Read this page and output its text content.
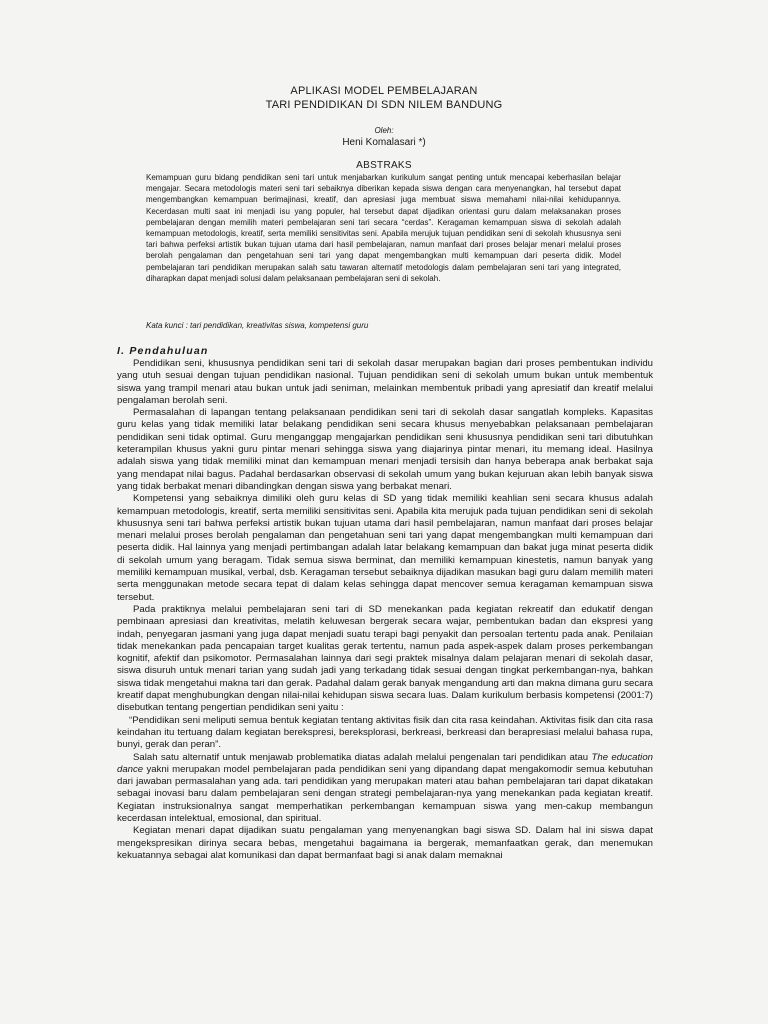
APLIKASI MODEL PEMBELAJARAN
TARI PENDIDIKAN DI SDN NILEM BANDUNG
Oleh:
Heni Komalasari *)
ABSTRAKS

Kemampuan guru bidang pendidikan seni tari untuk menjabarkan kurikulum sangat penting untuk mencapai keberhasilan belajar mengajar. Secara metodologis materi seni tari sebaiknya diberikan kepada siswa dengan cara menyenangkan, hal tersebut dapat mengembangkan kemampuan berimajinasi, kreatif, dan apresiasi juga membuat siswa memahami nilai-nilai kehidupannya. Kecerdasan multi saat ini menjadi isu yang populer, hal tersebut dapat dijadikan orientasi guru dalam melaksanakan proses pembelajaran dengan memilih materi pembelajaran seni tari secara “cerdas”. Keragaman kemampuan siswa di sekolah adalah kemampuan metodologis, kreatif, serta memiliki sensitivitas seni. Apabila merujuk tujuan pendidikan seni di sekolah khususnya seni tari bahwa perfeksi artistik bukan tujuan utama dari hasil pembelajaran, namun manfaat dari proses belajar menari melalui proses berolah pengalaman dan pengetahuan seni tari yang dapat mengembangkan multi kemampuan dari peserta didik. Model pembelajaran tari pendidikan merupakan salah satu tawaran alternatif metodologis dalam pembelajaran seni tari yang integrated, diharapkan dapat menjadi solusi dalam pelaksanaan pembelajaran seni di sekolah.

Kata kunci : tari pendidikan, kreativitas siswa, kompetensi guru

I. Pendahuluan

Pendidikan seni, khususnya pendidikan seni tari di sekolah dasar merupakan bagian dari proses pembentukan individu yang utuh sesuai dengan tujuan pendidikan nasional. Tujuan pendidikan seni di sekolah umum bukan untuk membentuk siswa yang trampil menari atau bukan untuk jadi seniman, melainkan membentuk pribadi yang apresiatif dan kreatif melalui pengalaman berolah seni.

Permasalahan di lapangan tentang pelaksanaan pendidikan seni tari di sekolah dasar sangatlah kompleks. Kapasitas guru kelas yang tidak memiliki latar belakang pendidikan seni secara khusus menyebabkan pelaksanaan pembelajaran pendidikan seni tidak optimal. Guru menganggap mengajarkan pendidikan seni khususnya pendidikan seni tari dibutuhkan keterampilan khusus yakni guru pintar menari sehingga siswa yang diajarinya pintar menari, itu memang ideal. Hasilnya adalah siswa yang tidak memiliki minat dan kemampuan menari menjadi tersisih dan hanya beberapa anak berbakat saja yang mendapat nilai bagus. Padahal berdasarkan observasi di sekolah umum yang bukan kejuruan akan lebih banyak siswa yang tidak berbakat menari dibandingkan dengan siswa yang berbakat menari.

Kompetensi yang sebaiknya dimiliki oleh guru kelas di SD yang tidak memiliki keahlian seni secara khusus adalah kemampuan metodologis, kreatif, serta memiliki sensitivitas seni. Apabila kita merujuk pada tujuan pendidikan seni di sekolah khususnya seni tari bahwa perfeksi artistik bukan tujuan utama dari hasil pembelajaran, namun manfaat dari proses belajar menari melalui proses berolah pengalaman dan pengetahuan seni tari yang dapat mengembangkan multi kemampuan dari peserta didik. Hal lainnya yang menjadi pertimbangan adalah latar belakang kemampuan dan bakat juga minat peserta didik di sekolah umum yang beragam. Tidak semua siswa berminat, dan memiliki kemampuan kinestetis, namun banyak yang memiliki kemampuan musikal, verbal, dsb. Keragaman tersebut sebaiknya dijadikan masukan bagi guru dalam memilih materi serta menggunakan metode secara tepat di dalam kelas sehingga dapat mencover semua keragaman kemampuan siswa tersebut.

Pada praktiknya melalui pembelajaran seni tari di SD menekankan pada kegiatan rekreatif dan edukatif dengan pembinaan apresiasi dan kreativitas, melatih keluwesan bergerak secara wajar, pembentukan badan dan ekspresi yang indah, penyegaran jasmani yang juga dapat menjadi suatu terapi bagi penyakit dan persoalan tertentu pada anak. Penilaian tidak menekankan pada pencapaian target kualitas gerak tertentu, namun pada aspek-aspek dalam proses perkembangan kognitif, afektif dan psikomotor. Permasalahan lainnya dari segi praktek misalnya dalam pelajaran menari di sekolah dasar, siswa disuruh untuk menari tarian yang sudah jadi yang terkadang tidak sesuai dengan tingkat perkembangan-nya, bahkan siswa tidak mengetahui makna tari dan gerak. Padahal dalam gerak banyak mengandung arti dan makna dimana guru secara kreatif dapat menghubungkan dengan nilai-nilai kehidupan siswa secara luas. Dalam kurikulum berbasis kompetensi (2001:7) disebutkan tentang pengertian pendidikan seni yaitu :

“Pendidikan seni meliputi semua bentuk kegiatan tentang aktivitas fisik dan cita rasa keindahan. Aktivitas fisik dan cita rasa keindahan itu tertuang dalam kegiatan berekspresi, bereksplorasi, berkreasi, berkreasi dan berapresiasi melalui bahasa rupa, bunyi, gerak dan peran”.

Salah satu alternatif untuk menjawab problematika diatas adalah melalui pengenalan tari pendidikan atau The education dance yakni merupakan model pembelajaran pada pendidikan seni yang dipandang dapat mengakomodir semua kebutuhan dari jawaban permasalahan yang ada. tari pendidikan yang merupakan materi atau bahan pembelajaran tari dapat dikatakan sebagai inovasi baru dalam pembelajaran seni dengan strategi pembelajaran-nya yang menekankan pada kegiatan kreatif. Kegiatan instruksionalnya sangat memperhatikan perkembangan kemampuan siswa yang men-cakup membangun kecerdasan intelektual, emosional, dan spiritual.

Kegiatan menari dapat dijadikan suatu pengalaman yang menyenangkan bagi siswa SD. Dalam hal ini siswa dapat mengekspresikan dirinya secara bebas, mengetahui bagaimana ia bergerak, memanfaatkan gerak, dan menemukan kekuatannya sebagai alat komunikasi dan dapat bermanfaat bagi si anak dalam memaknai
